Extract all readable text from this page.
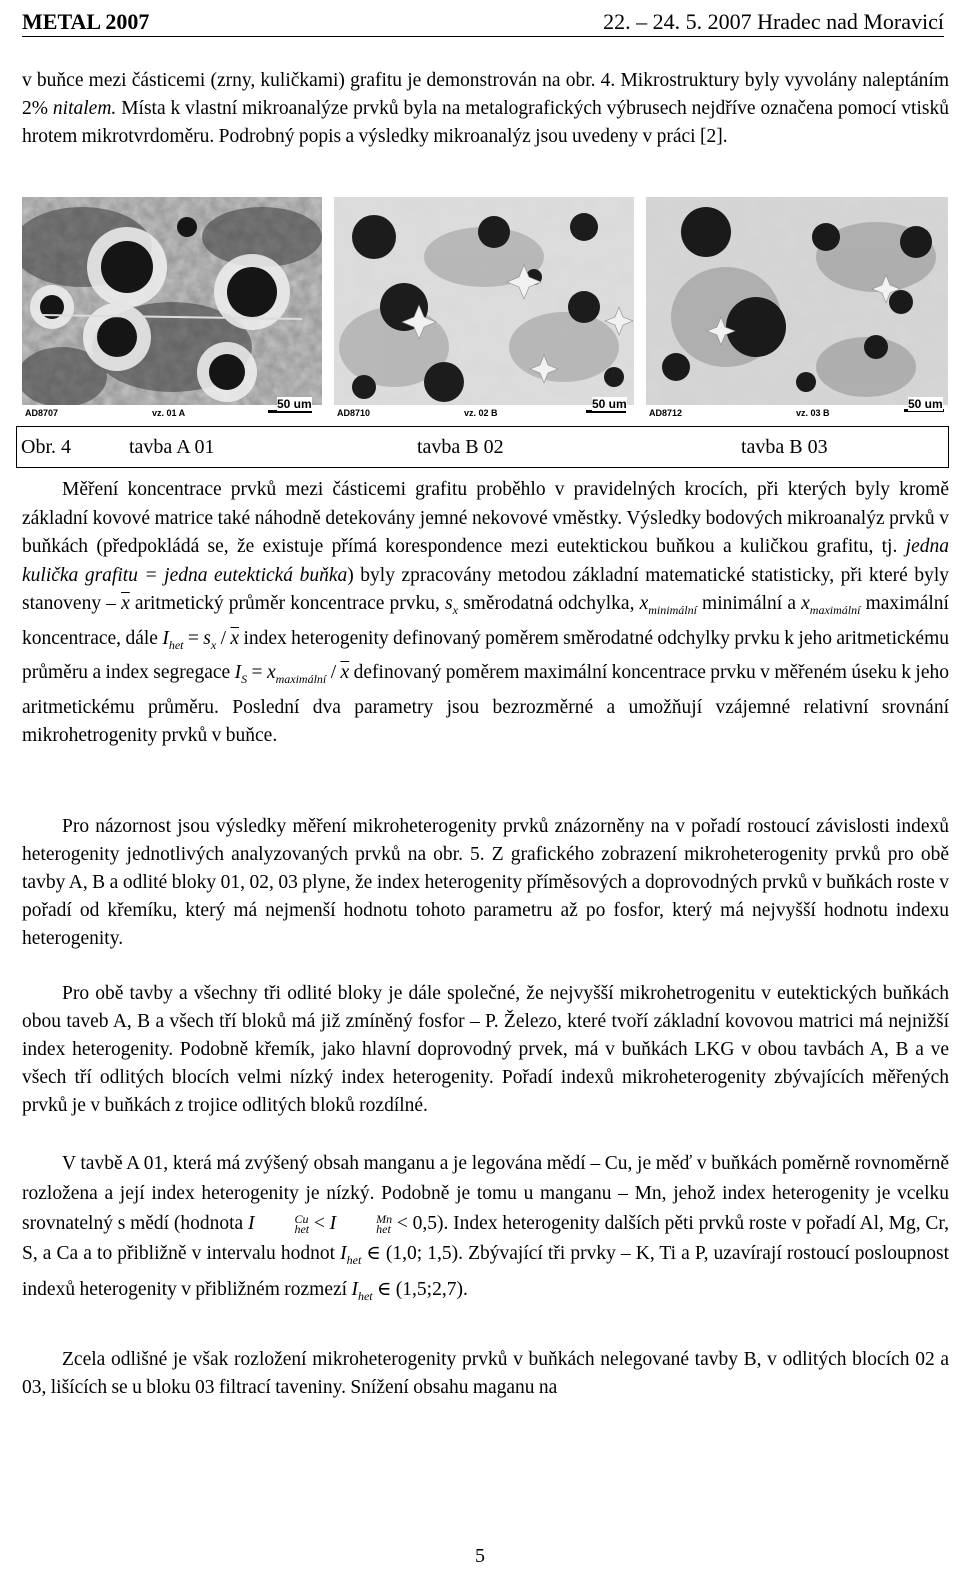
METAL 2007	22. – 24. 5. 2007 Hradec nad Moravicí

v buňce mezi částicemi (zrny, kuličkami) grafitu je demonstrován na obr. 4. Mikrostruktury byly vyvolány naleptáním 2% nitalem. Místa k vlastní mikroanalýze prvků byla na metalografických výbrusech nejdříve označena pomocí vtisků hrotem mikrotvrdoměru. Podrobný popis a výsledky mikroanalýz jsou uvedeny v práci [2].

AD8707	vz. 01 A
50 um
AD8710	vz. 02 B
50 um
AD8712	vz. 03 B
50 um
Obr. 4	tavba A 01	tavba B 02	tavba B 03

Měření koncentrace prvků mezi částicemi grafitu proběhlo v pravidelných krocích, při kterých byly kromě základní kovové matrice také náhodně detekovány jemné nekovové vměstky. Výsledky bodových mikroanalýz prvků v buňkách (předpokládá se, že existuje přímá korespondence mezi eutektickou buňkou a kuličkou grafitu, tj. jedna kulička grafitu = jedna eutektická buňka) byly zpracovány metodou základní matematické statisticky, při které byly stanoveny – $\overline{x}$ aritmetický průměr koncentrace prvku, $s_x$ směrodatná odchylka, $x_{minimální}$ minimální a $x_{maximální}$ maximální koncentrace, dále $I_{het} = s_x / \overline{x}$ index heterogenity definovaný poměrem směrodatné odchylky prvku k jeho aritmetickému průměru a index segregace $I_S = x_{maximální} / \overline{x}$ definovaný poměrem maximální koncentrace prvku v měřeném úseku k jeho aritmetickému průměru. Poslední dva parametry jsou bezrozměrné a umožňují vzájemné relativní srovnání mikrohetrogenity prvků v buňce.

Pro názornost jsou výsledky měření mikroheterogenity prvků znázorněny na v pořadí rostoucí závislosti indexů heterogenity jednotlivých analyzovaných prvků na obr. 5. Z grafického zobrazení mikroheterogenity prvků pro obě tavby A, B a odlité bloky 01, 02, 03 plyne, že index heterogenity příměsových a doprovodných prvků v buňkách roste v pořadí od křemíku, který má nejmenší hodnotu tohoto parametru až po fosfor, který má nejvyšší hodnotu indexu heterogenity.

Pro obě tavby a všechny tři odlité bloky je dále společné, že nejvyšší mikrohetrogenitu v eutektických buňkách obou taveb A, B a všech tří bloků má již zmíněný fosfor – P. Železo, které tvoří základní kovovou matrici má nejnižší index heterogenity. Podobně křemík, jako hlavní doprovodný prvek, má v buňkách LKG v obou tavbách A, B a ve všech tří odlitých blocích velmi nízký index heterogenity. Pořadí indexů mikroheterogenity zbývajících měřených prvků je v buňkách z trojice odlitých bloků rozdílné.

V tavbě A 01, která má zvýšený obsah manganu a je legována mědí – Cu, je měď v buňkách poměrně rovnoměrně rozložena a její index heterogenity je nízký. Podobně je tomu u manganu – Mn, jehož index heterogenity je vcelku srovnatelný s mědí (hodnota I	Cu
het < I	Mn
het < 0,5). Index heterogenity dalších pěti prvků roste v pořadí Al, Mg, Cr, S, a Ca a to přibližně v intervalu hodnot $I_{het}$ ∈ (1,0; 1,5). Zbývající tři prvky – K, Ti a P, uzavírají rostoucí posloupnost indexů heterogenity v přibližném rozmezí $I_{het}$ ∈ (1,5;2,7).

Zcela odlišné je však rozložení mikroheterogenity prvků v buňkách nelegované tavby B, v odlitých blocích 02 a 03, lišících se u bloku 03 filtrací taveniny. Snížení obsahu maganu na

5
